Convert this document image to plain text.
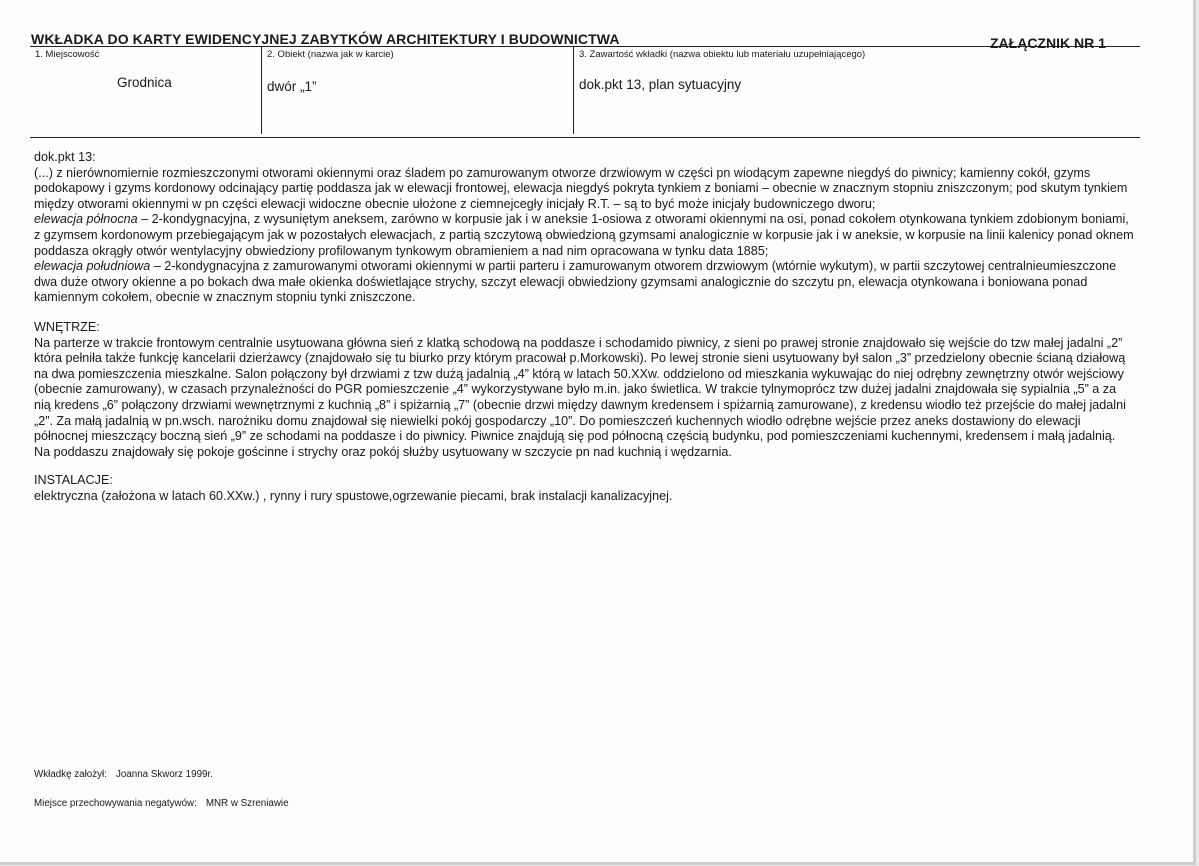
WKŁADKA DO KARTY EWIDENCYJNEJ ZABYTKÓW ARCHITEKTURY I BUDOWNICTWA	ZAŁĄCZNIK NR 1
1. Miejscowość
Grodnica
2. Obiekt (nazwa jak w karcie)
dwór „1”
3. Zawartość wkładki (nazwa obiektu lub materiału uzupełniającego)
dok.pkt 13, plan sytuacyjny

dok.pkt 13:

(...) z nierównomiernie rozmieszczonymi otworami okiennymi oraz śladem po zamurowanym otworze drzwiowym w części pn wiodącym zapewne niegdyś do piwnicy; kamienny cokół, gzyms podokapowy i gzyms kordonowy odcinający partię poddasza jak w elewacji frontowej, elewacja niegdyś pokryta tynkiem z boniami – obecnie w znacznym stopniu zniszczonym; pod skutym tynkiem między otworami okiennymi w pn części elewacji widoczne obecnie ułożone z ciemnejcegły inicjały R.T. – są to być może inicjały budowniczego dworu;

elewacja północna – 2-kondygnacyjna, z wysuniętym aneksem, zarówno w korpusie jak i w aneksie 1-osiowa z otworami okiennymi na osi, ponad cokołem otynkowana tynkiem zdobionym boniami, z gzymsem kordonowym przebiegającym jak w pozostałych elewacjach, z partią szczytową obwiedzioną gzymsami analogicznie w korpusie jak i w aneksie, w korpusie na linii kalenicy ponad oknem poddasza okrągły otwór wentylacyjny obwiedziony profilowanym tynkowym obramieniem a nad nim opracowana w tynku data 1885;

elewacja południowa – 2-kondygnacyjna z zamurowanymi otworami okiennymi w partii parteru i zamurowanym otworem drzwiowym (wtórnie wykutym), w partii szczytowej centralnieumieszczone dwa duże otwory okienne a po bokach dwa małe okienka doświetlające strychy, szczyt elewacji obwiedziony gzymsami analogicznie do szczytu pn, elewacja otynkowana i boniowana ponad kamiennym cokołem, obecnie w znacznym stopniu tynki zniszczone.

WNĘTRZE:

Na parterze w trakcie frontowym centralnie usytuowana główna sień z klatką schodową na poddasze i schodamido piwnicy, z sieni po prawej stronie znajdowało się wejście do tzw małej jadalni „2” która pełniła także funkcję kancelarii dzierżawcy (znajdowało się tu biurko przy którym pracował p.Morkowski). Po lewej stronie sieni usytuowany był salon „3” przedzielony obecnie ścianą działową na dwa pomieszczenia mieszkalne. Salon połączony był drzwiami z tzw dużą jadalnią „4” którą w latach 50.XXw. oddzielono od mieszkania wykuwając do niej odrębny zewnętrzny otwór wejściowy (obecnie zamurowany), w czasach przynależności do PGR pomieszczenie „4” wykorzystywane było m.in. jako świetlica. W trakcie tylnymoprócz tzw dużej jadalni znajdowała się sypialnia „5” a za nią kredens „6” połączony drzwiami wewnętrznymi z kuchnią „8” i spiżarnią „7” (obecnie drzwi między dawnym kredensem i spiżarnią zamurowane), z kredensu wiodło też przejście do małej jadalni „2”. Za małą jadalnią w pn.wsch. narożniku domu znajdował się niewielki pokój gospodarczy „10”. Do pomieszczeń kuchennych wiodło odrębne wejście przez aneks dostawiony do elewacji północnej mieszczący boczną sień „9” ze schodami na poddasze i do piwnicy. Piwnice znajdują się pod północną częścią budynku, pod pomieszczeniami kuchennymi, kredensem i małą jadalnią. Na poddaszu znajdowały się pokoje gościnne i strychy oraz pokój służby usytuowany w szczycie pn nad kuchnią i wędzarnia.

INSTALACJE:

elektryczna (założona w latach 60.XXw.) , rynny i rury spustowe,ogrzewanie piecami, brak instalacji kanalizacyjnej.

Wkładkę założył: Joanna Skworz 1999r.
Miejsce przechowywania negatywów: MNR w Szreniawie
